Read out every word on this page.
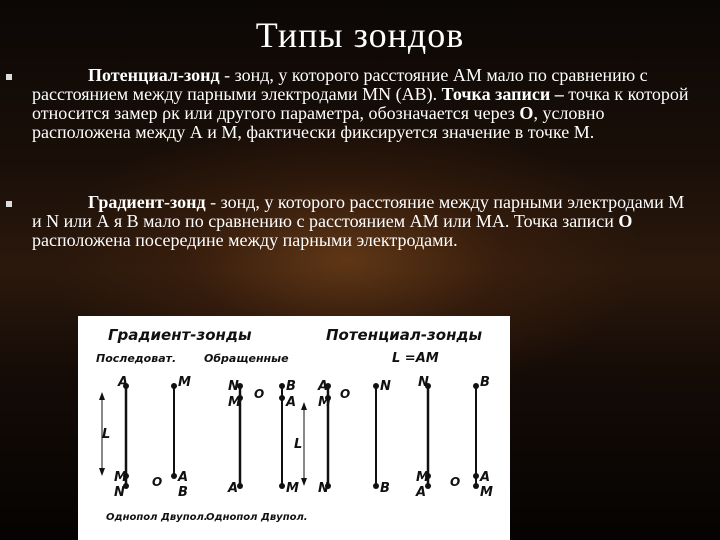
Типы зондов
Потенциал-зонд - зонд, у которого расстояние АМ мало по сравнению с расстоянием между парными электродами MN (AB). Точка записи – точка к которой относится замер ρк или другого параметра, обозначается через О, условно расположена между А и М, фактически фиксируется значение в точке М.
Градиент-зонд - зонд, у которого расстояние между парными электродами M и N или А я В мало по сравнению с расстоянием АМ или МА. Точка записи О расположена посередине между парными электродами.
Градиент-зонды	Потенциал-зонды
Последоват.	Обращенные	L =AM
A	M
M
N
O A
B
L
N
M
O B
A
A	M
L
A
M
O N
N	B
N	B
M
A
O A
M
Однопол Двупол.
Однопол Двупол.
